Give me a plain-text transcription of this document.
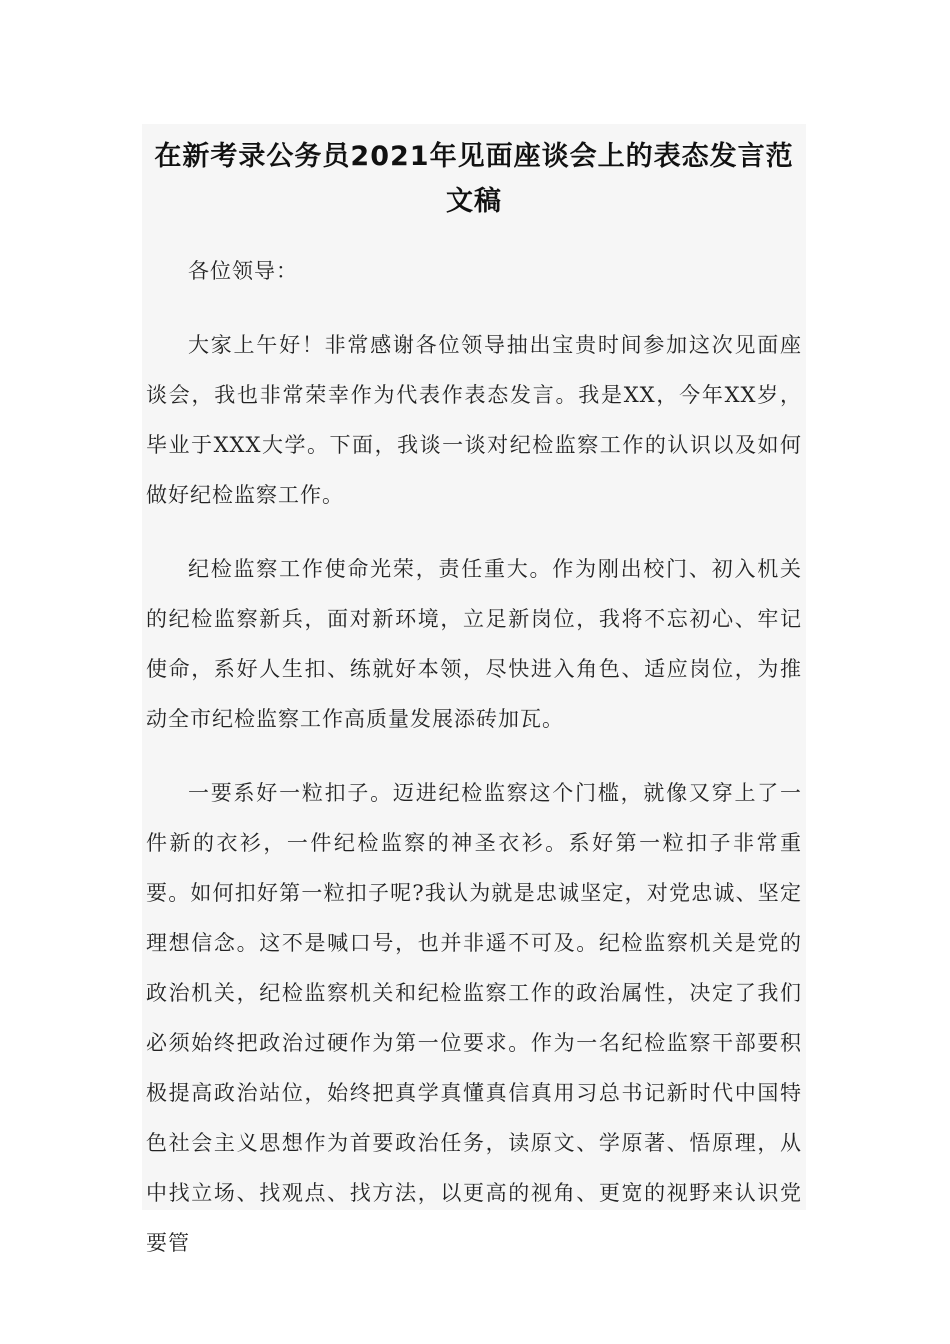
在新考录公务员2021年见面座谈会上的表态发言范
文稿

各位领导：

大家上午好！非常感谢各位领导抽出宝贵时间参加这次见面座谈会，我也非常荣幸作为代表作表态发言。我是XX，今年XX岁，毕业于XXX大学。下面，我谈一谈对纪检监察工作的认识以及如何做好纪检监察工作。

纪检监察工作使命光荣，责任重大。作为刚出校门、初入机关的纪检监察新兵，面对新环境，立足新岗位，我将不忘初心、牢记使命，系好人生扣、练就好本领，尽快进入角色、适应岗位，为推动全市纪检监察工作高质量发展添砖加瓦。

一要系好一粒扣子。迈进纪检监察这个门槛，就像又穿上了一件新的衣衫，一件纪检监察的神圣衣衫。系好第一粒扣子非常重要。如何扣好第一粒扣子呢?我认为就是忠诚坚定，对党忠诚、坚定理想信念。这不是喊口号，也并非遥不可及。纪检监察机关是党的政治机关，纪检监察机关和纪检监察工作的政治属性，决定了我们必须始终把政治过硬作为第一位要求。作为一名纪检监察干部要积极提高政治站位，始终把真学真懂真信真用习总书记新时代中国特色社会主义思想作为首要政治任务，读原文、学原著、悟原理，从中找立场、找观点、找方法，以更高的视角、更宽的视野来认识党要管
